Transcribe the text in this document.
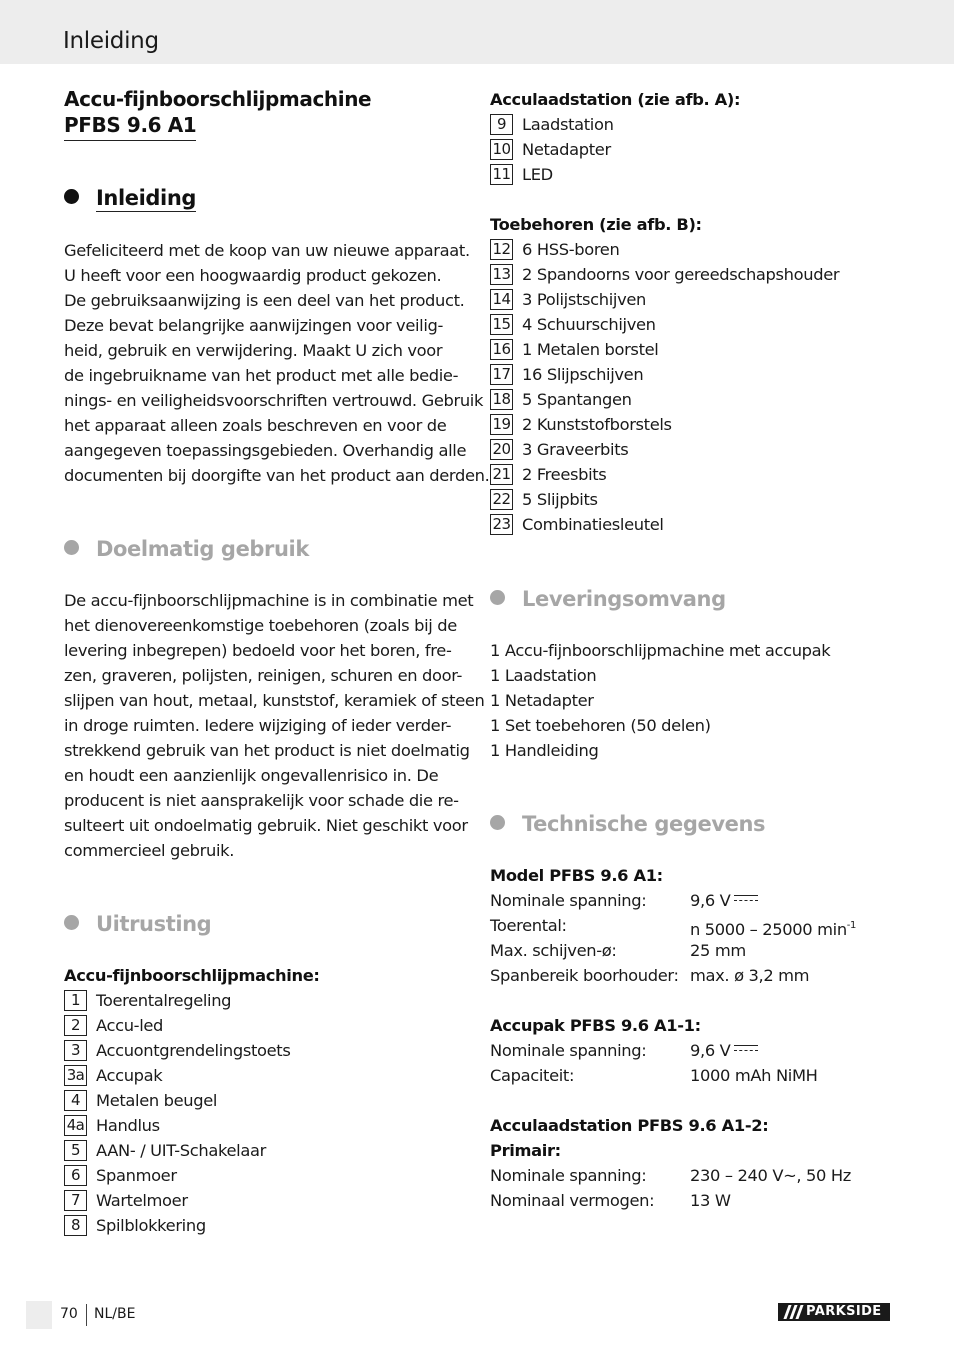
Inleiding
Accu-fijnboorschlijpmachine
PFBS 9.6 A1
Inleiding
Gefeliciteerd met de koop van uw nieuwe apparaat.
U heeft voor een hoogwaardig product gekozen.
De gebruiksaanwijzing is een deel van het product.
Deze bevat belangrijke aanwijzingen voor veilig-
heid, gebruik en verwijdering. Maakt U zich voor
de ingebruikname van het product met alle bedie-
nings- en veiligheidsvoorschriften vertrouwd. Gebruik
het apparaat alleen zoals beschreven en voor de
aangegeven toepassingsgebieden. Overhandig alle
documenten bij doorgifte van het product aan derden.
Doelmatig gebruik
De accu-fijnboorschlijpmachine is in combinatie met
het dienovereenkomstige toebehoren (zoals bij de
levering inbegrepen) bedoeld voor het boren, fre-
zen, graveren, polijsten, reinigen, schuren en door-
slijpen van hout, metaal, kunststof, keramiek of steen
in droge ruimten. Iedere wijziging of ieder verder-
strekkend gebruik van het product is niet doelmatig
en houdt een aanzienlijk ongevallenrisico in. De
producent is niet aansprakelijk voor schade die re-
sulteert uit ondoelmatig gebruik. Niet geschikt voor
commercieel gebruik.
Uitrusting
Accu-fijnboorschlijpmachine:
1 Toerentalregeling
2 Accu-led
3 Accuontgrendelingstoets
3a Accupak
4 Metalen beugel
4a Handlus
5 AAN- / UIT-Schakelaar
6 Spanmoer
7 Wartelmoer
8 Spilblokkering
Acculaadstation (zie afb. A):
9 Laadstation
10 Netadapter
11 LED
Toebehoren (zie afb. B):
12 6 HSS-boren
13 2 Spandoorns voor gereedschapshouder
14 3 Polijstschijven
15 4 Schuurschijven
16 1 Metalen borstel
17 16 Slijpschijven
18 5 Spantangen
19 2 Kunststofborstels
20 3 Graveerbits
21 2 Freesbits
22 5 Slijpbits
23 Combinatiesleutel
Leveringsomvang
1 Accu-fijnboorschlijpmachine met accupak
1 Laadstation
1 Netadapter
1 Set toebehoren (50 delen)
1 Handleiding
Technische gegevens
Model PFBS 9.6 A1:
Nominale spanning:	9,6 V
Toerental:	n 5000 – 25000 $\min^{-1}$
Max. schijven-ø:	25 mm
Spanbereik boorhouder: max. ø 3,2 mm
Accupak PFBS 9.6 A1-1:
Nominale spanning:	9,6 V
Capaciteit:	1000 mAh NiMH
Acculaadstation PFBS 9.6 A1-2:
Primair:
Nominale spanning:	230 – 240 V~, 50 Hz
Nominaal vermogen: 13 W
70 NL/BE	PARKSIDE
